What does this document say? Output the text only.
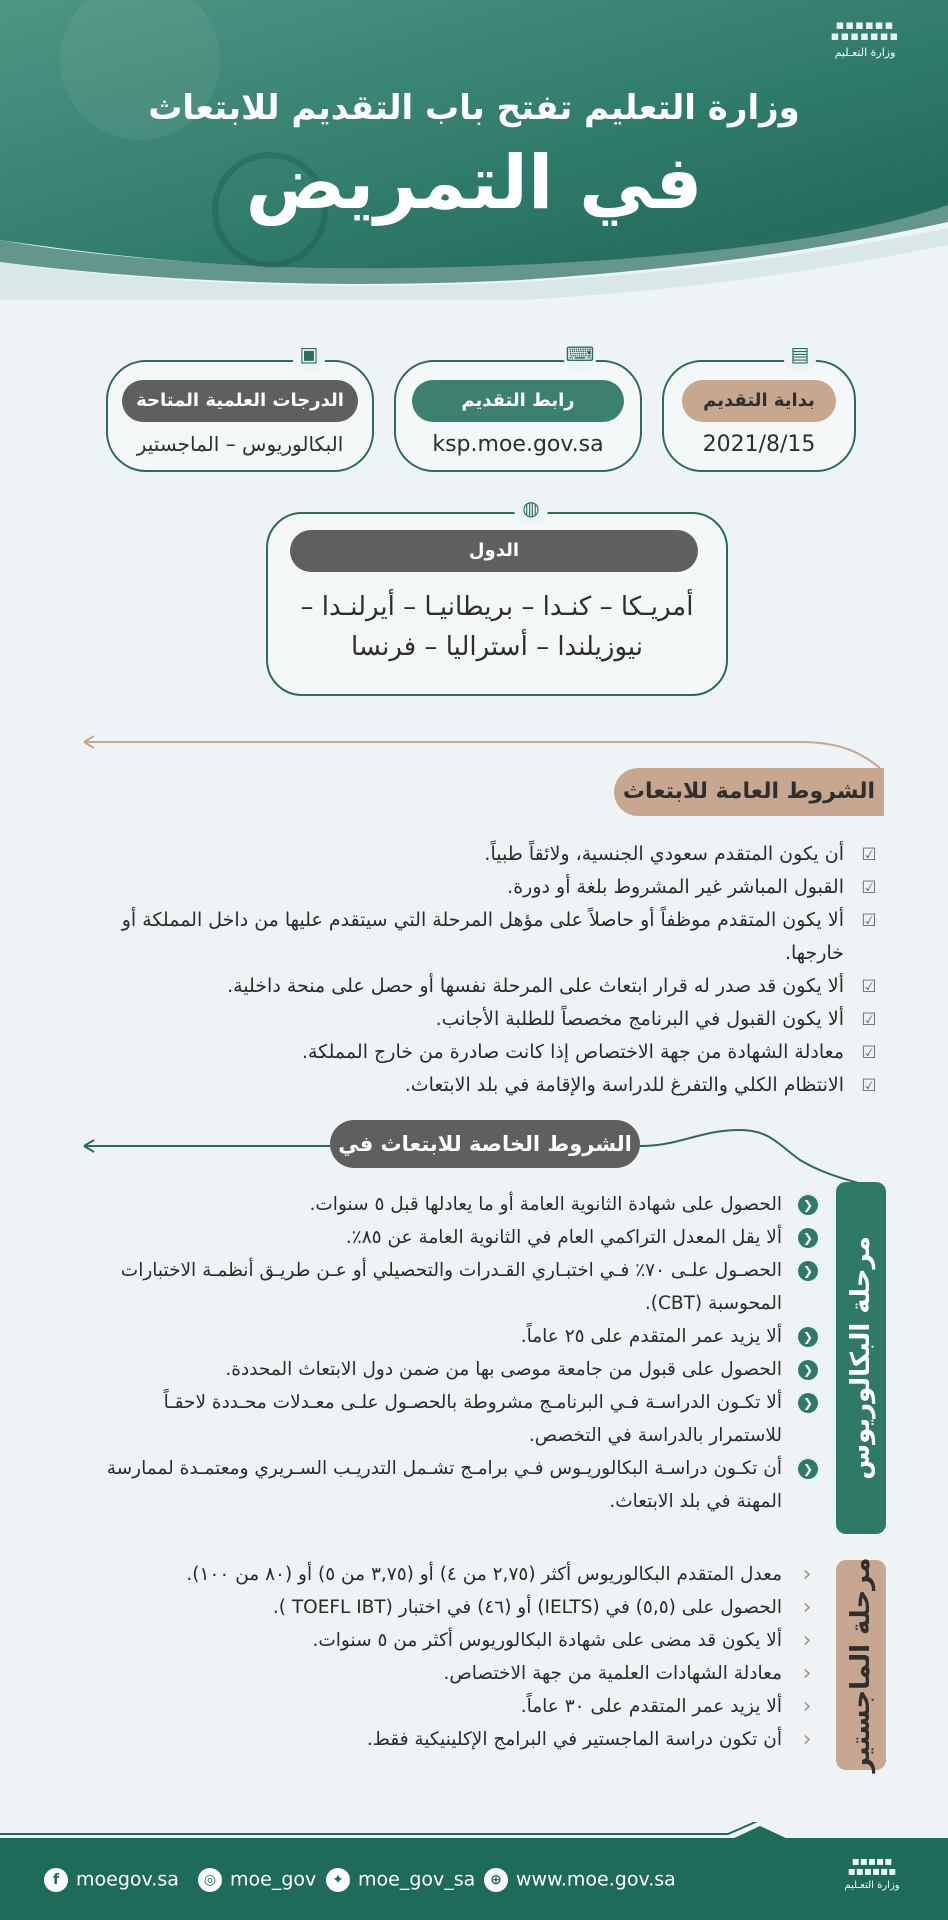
▪▪▪▪▪▪
▪▪▪▪▪▪▪
وزارة التعـليم
وزارة التعليم تفتح باب التقديم للابتعاث
في التمريض
بداية التقديم
2021/8/15
▤
رابط التقديم
ksp.moe.gov.sa
⌨
الدرجات العلمية المتاحة
البكالوريوس – الماجستير
▣
الدول
أمريـكا – كنـدا – بريطانيـا – أيرلنـدا –
نيوزيلندا – أستراليا – فرنسا
◍
الشروط العامة للابتعاث
☑
أن يكون المتقدم سعودي الجنسية، ولائقاً طبياً.
☑
القبول المباشر غير المشروط بلغة أو دورة.
☑
ألا يكون المتقدم موظفاً أو حاصلاً على مؤهل المرحلة التي سيتقدم عليها من داخل المملكة أو خارجها.
☑
ألا يكون قد صدر له قرار ابتعاث على المرحلة نفسها أو حصل على منحة داخلية.
☑
ألا يكون القبول في البرنامج مخصصاً للطلبة الأجانب.
☑
معادلة الشهادة من جهة الاختصاص إذا كانت صادرة من خارج المملكة.
☑
الانتظام الكلي والتفرغ للدراسة والإقامة في بلد الابتعاث.
الشروط الخاصة للابتعاث في
مرحلة البكالوريوس
❮
الحصول على شهادة الثانوية العامة أو ما يعادلها قبل ٥ سنوات.
❮
ألا يقل المعدل التراكمي العام في الثانوية العامة عن ٨٥٪.
❮
الحصـول علـى ٧٠٪ فـي اختبـاري القـدرات والتحصيلي أو عـن طريـق أنظمـة الاختبارات المحوسبة (CBT).
❮
ألا يزيد عمر المتقدم على ٢٥ عاماً.
❮
الحصول على قبول من جامعة موصى بها من ضمن دول الابتعاث المحددة.
❮
ألا تكـون الدراسـة فـي البرنامـج مشروطة بالحصـول علـى معـدلات محـددة لاحقـاً للاستمرار بالدراسة في التخصص.
❮
أن تكـون دراسـة البكالوريـوس فـي برامـج تشـمل التدريـب السـريري ومعتمـدة لممارسة المهنة في بلد الابتعاث.
مرحلة الماجستير
‹
معدل المتقدم البكالوريوس أكثر (٢,٧٥ من ٤) أو (٣,٧٥ من ٥) أو (٨٠ من ١٠٠).
‹
الحصول على (٥,٥) في (IELTS) أو (٤٦) في اختبار (TOEFL IBT ).
‹
ألا يكون قد مضى على شهادة البكالوريوس أكثر من ٥ سنوات.
‹
معادلة الشهادات العلمية من جهة الاختصاص.
‹
ألا يزيد عمر المتقدم على ٣٠ عاماً.
‹
أن تكون دراسة الماجستير في البرامج الإكلينيكية فقط.
f moegov.sa	◎ moe_gov	✦ moe_gov_sa	⊕ www.moe.gov.sa
▪▪▪▪▪
▪▪▪▪▪▪
وزارة التعـليم
